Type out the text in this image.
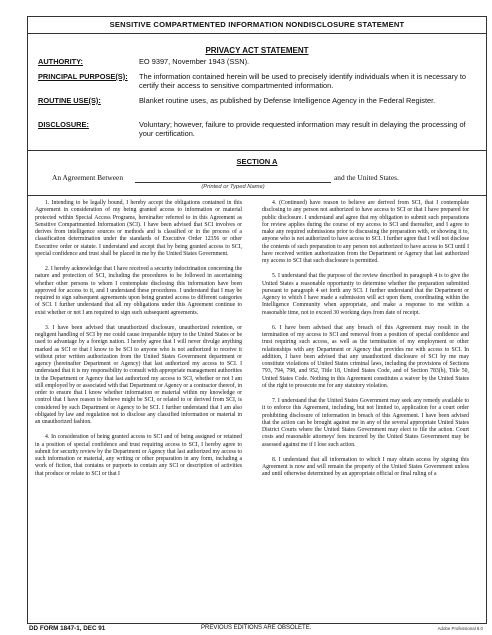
SENSITIVE COMPARTMENTED INFORMATION NONDISCLOSURE STATEMENT
PRIVACY ACT STATEMENT
AUTHORITY:	EO 9397, November 1943 (SSN).
PRINCIPAL PURPOSE(S): The information contained herein will be used to precisely identify individuals when it is necessary to certify their access to sensitive compartmented information.
ROUTINE USE(S):	Blanket routine uses, as published by Defense Intelligence Agency in the Federal Register.
DISCLOSURE:	Voluntary; however, failure to provide requested information may result in delaying the processing of your certification.
SECTION A
An Agreement Between	and the United States.
(Printed or Typed Name)

1. Intending to be legally bound, I hereby accept the obligations contained in this Agreement in consideration of my being granted access to information or material protected within Special Access Programs, hereinafter referred to in this Agreement as Sensitive Compartmented Information (SCI). I have been advised that SCI involves or derives from intelligence sources or methods and is classified or in the process of a classification determination under the standards of Executive Order 12356 or other Executive order or statute. I understand and accept that by being granted access to SCI, special confidence and trust shall be placed in me by the United States Government.

2. I hereby acknowledge that I have received a security indoctrination concerning the nature and protection of SCI, including the procedures to be followed in ascertaining whether other persons to whom I contemplate disclosing this information have been approved for access to it, and I understand these procedures. I understand that I may be required to sign subsequent agreements upon being granted access to different categories of SCI. I further understand that all my obligations under this Agreement continue to exist whether or not I am required to sign such subsequent agreements.

3. I have been advised that unauthorized disclosure, unauthorized retention, or negligent handling of SCI by me could cause irreparable injury to the United States or be used to advantage by a foreign nation. I hereby agree that I will never divulge anything marked as SCI or that I know to be SCI to anyone who is not authorized to receive it without prior written authorization from the United States Government department or agency (hereinafter Department or Agency) that last authorized my access to SCI. I understand that it is my responsibility to consult with appropriate management authorities in the Department or Agency that last authorized my access to SCI, whether or not I am still employed by or associated with that Department or Agency or a contractor thereof, in order to ensure that I know whether information or material within my knowledge or control that I have reason to believe might be SCI, or related to or derived from SCI, is considered by such Department or Agency to be SCI. I further understand that I am also obligated by law and regulation not to disclose any classified information or material in an unauthorized fashion.

4. In consideration of being granted access to SCI and of being assigned or retained in a position of special confidence and trust requiring access to SCI, I hereby agree to submit for security review by the Department or Agency that last authorized my access to such information or material, any writing or other preparation in any form, including a work of fiction, that contains or purports to contain any SCI or description of activities that produce or relate to SCI or that I

4. (Continued) have reason to believe are derived from SCI, that I contemplate disclosing to any person not authorized to have access to SCI or that I have prepared for public disclosure. I understand and agree that my obligation to submit such preparations for review applies during the course of my access to SCI and thereafter, and I agree to make any required submissions prior to discussing the preparation with, or showing it to, anyone who is not authorized to have access to SCI. I further agree that I will not disclose the contents of such preparation to any person not authorized to have access to SCI until I have received written authorization from the Department or Agency that last authorized my access to SCI that such disclosure is permitted.

5. I understand that the purpose of the review described in paragraph 4 is to give the United States a reasonable opportunity to determine whether the preparation submitted pursuant to paragraph 4 set forth any SCI. I further understand that the Department or Agency to which I have made a submission will act upon them, coordinating within the Intelligence Community when appropriate, and make a response to me within a reasonable time, not to exceed 30 working days from date of receipt.

6. I have been advised that any breach of this Agreement may result in the termination of my access to SCI and removal from a position of special confidence and trust requiring such access, as well as the termination of my employment or other relationships with any Department or Agency that provides me with access to SCI. In addition, I have been advised that any unauthorized disclosure of SCI by me may constitute violations of United States criminal laws, including the provisions of Sections 793, 794, 798, and 952, Title 18, United States Code, and of Section 783(b), Title 50, United States Code. Nothing in this Agreement constitutes a waiver by the United States of the right to prosecute me for any statutory violation.

7. I understand that the United States Government may seek any remedy available to it to enforce this Agreement, including, but not limited to, application for a court order prohibiting disclosure of information in breach of this Agreement. I have been advised that the action can be brought against me in any of the several appropriate United States District Courts where the United States Government may elect to file the action. Court costs and reasonable attorneys' fees incurred by the United States Government may be assessed against me if I lose such action.

8. I understand that all information to which I may obtain access by signing this Agreement is now and will remain the property of the United States Government unless and until otherwise determined by an appropriate official or final ruling of a

DD FORM 1847-1, DEC 91	PREVIOUS EDITIONS ARE OBSOLETE.	Adobe Professional 8.0
